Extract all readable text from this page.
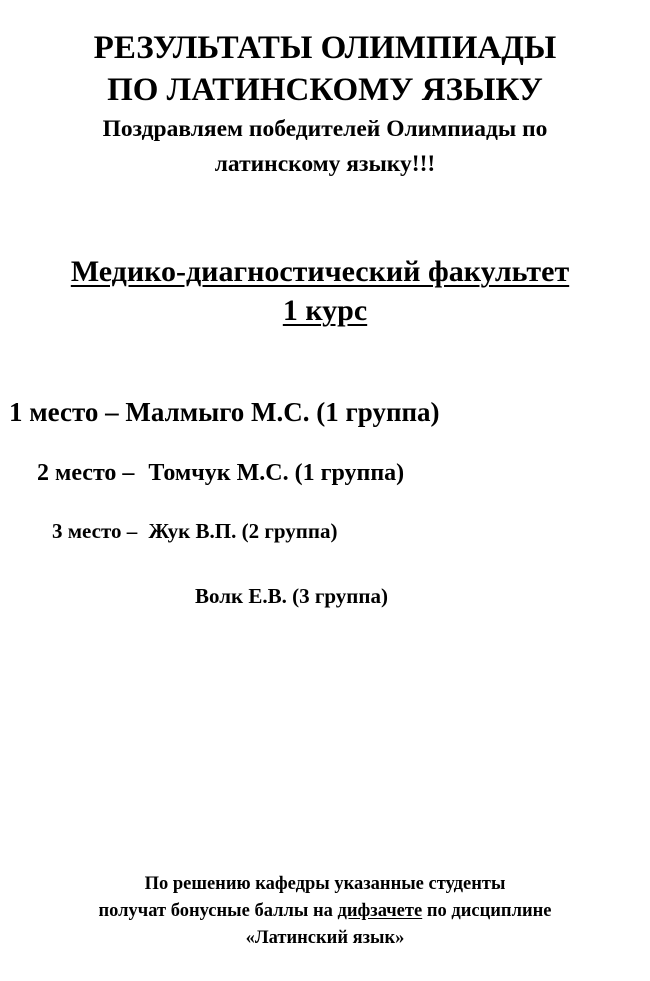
РЕЗУЛЬТАТЫ ОЛИМПИАДЫ
ПО ЛАТИНСКОМУ ЯЗЫКУ
Поздравляем победителей Олимпиады по
латинскому языку!!!
Медико-диагностический факультет
1 курс
1 место – Малмыго М.С. (1 группа)
2 место – Томчук М.С. (1 группа)
3 место – Жук В.П. (2 группа)
Волк Е.В. (3 группа)
По решению кафедры указанные студенты
получат бонусные баллы на дифзачете по дисциплине
«Латинский язык»
